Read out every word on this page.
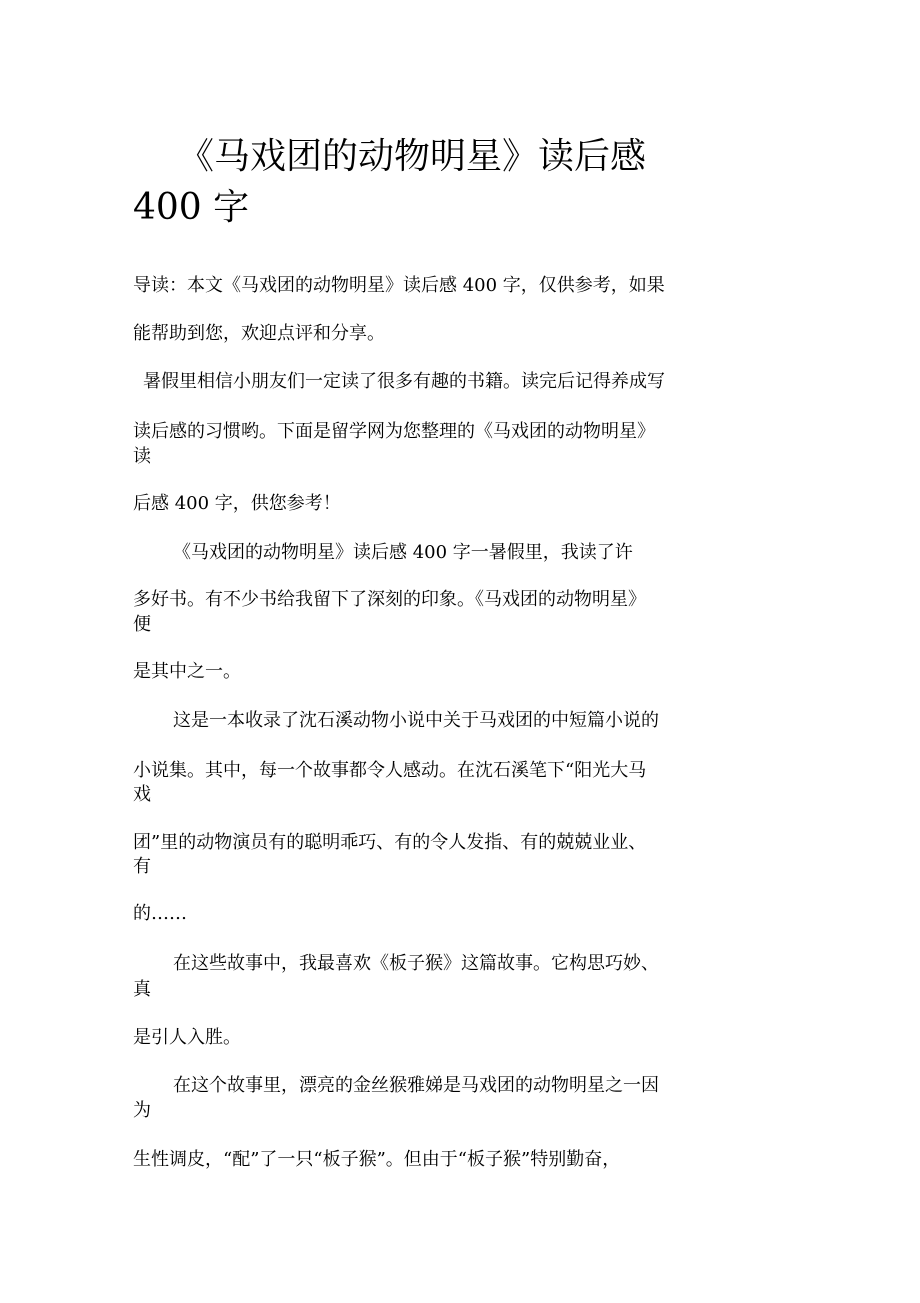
《马戏团的动物明星》读后感
400 字
导读：本文《马戏团的动物明星》读后感 400 字，仅供参考，如果
能帮助到您，欢迎点评和分享。
暑假里相信小朋友们一定读了很多有趣的书籍。读完后记得养成写
读后感的习惯哟。下面是留学网为您整理的《马戏团的动物明星》
读
后感 400 字，供您参考！
《马戏团的动物明星》读后感 400 字一暑假里，我读了许
多好书。有不少书给我留下了深刻的印象。《马戏团的动物明星》
便
是其中之一。
这是一本收录了沈石溪动物小说中关于马戏团的中短篇小说的
小说集。其中，每一个故事都令人感动。在沈石溪笔下“阳光大马
戏
团”里的动物演员有的聪明乖巧、有的令人发指、有的兢兢业业、
有
的……
在这些故事中，我最喜欢《板子猴》这篇故事。它构思巧妙、
真
是引人入胜。
在这个故事里，漂亮的金丝猴雅娣是马戏团的动物明星之一因
为
生性调皮，“配”了一只“板子猴”。但由于“板子猴”特别勤奋，
